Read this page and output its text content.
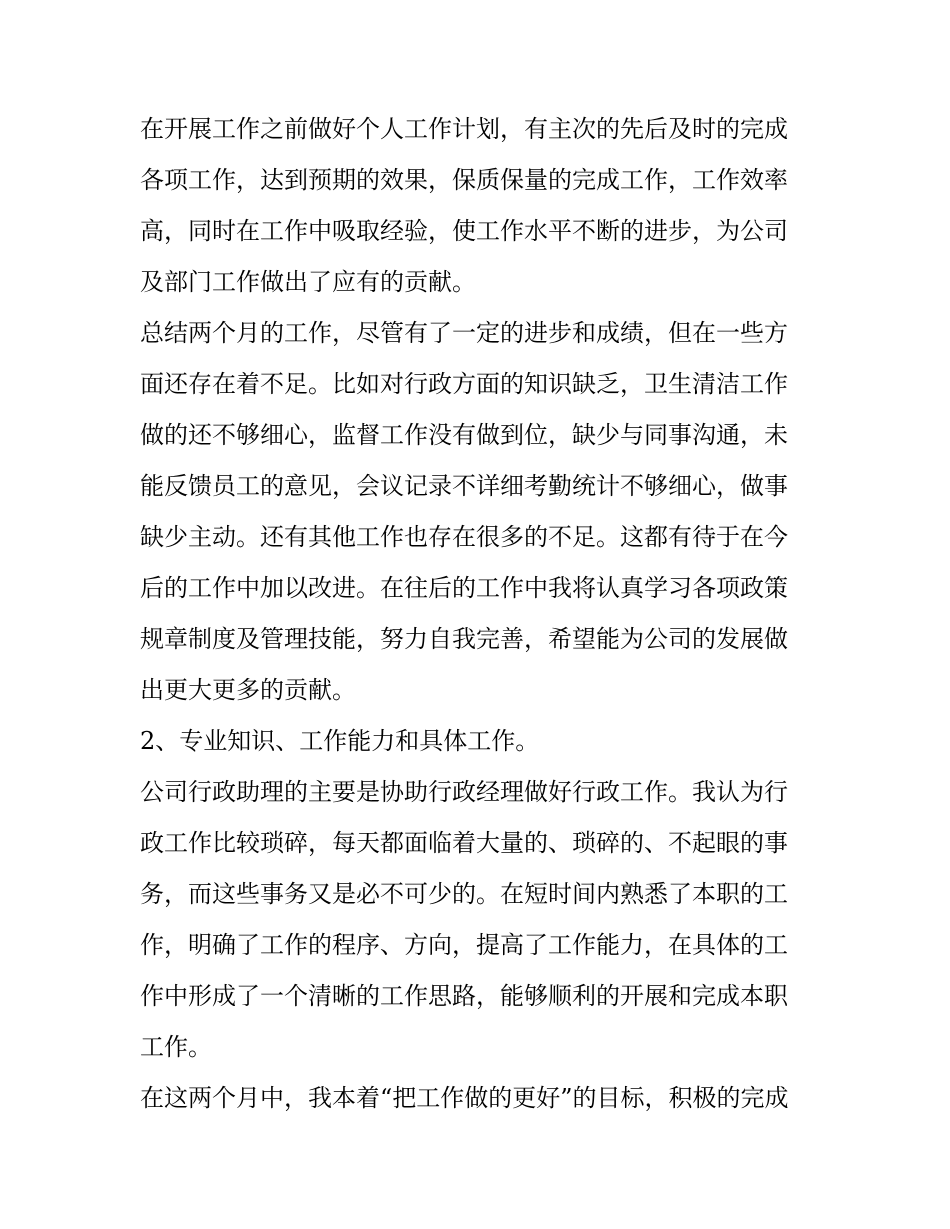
在开展工作之前做好个人工作计划，有主次的先后及时的完成
各项工作，达到预期的效果，保质保量的完成工作，工作效率
高，同时在工作中吸取经验，使工作水平不断的进步，为公司
及部门工作做出了应有的贡献。
总结两个月的工作，尽管有了一定的进步和成绩，但在一些方
面还存在着不足。比如对行政方面的知识缺乏，卫生清洁工作
做的还不够细心，监督工作没有做到位，缺少与同事沟通，未
能反馈员工的意见，会议记录不详细考勤统计不够细心，做事
缺少主动。还有其他工作也存在很多的不足。这都有待于在今
后的工作中加以改进。在往后的工作中我将认真学习各项政策
规章制度及管理技能，努力自我完善，希望能为公司的发展做
出更大更多的贡献。
2、专业知识、工作能力和具体工作。
公司行政助理的主要是协助行政经理做好行政工作。我认为行
政工作比较琐碎，每天都面临着大量的、琐碎的、不起眼的事
务，而这些事务又是必不可少的。在短时间内熟悉了本职的工
作，明确了工作的程序、方向，提高了工作能力，在具体的工
作中形成了一个清晰的工作思路，能够顺利的开展和完成本职
工作。
在这两个月中，我本着“把工作做的更好”的目标，积极的完成
